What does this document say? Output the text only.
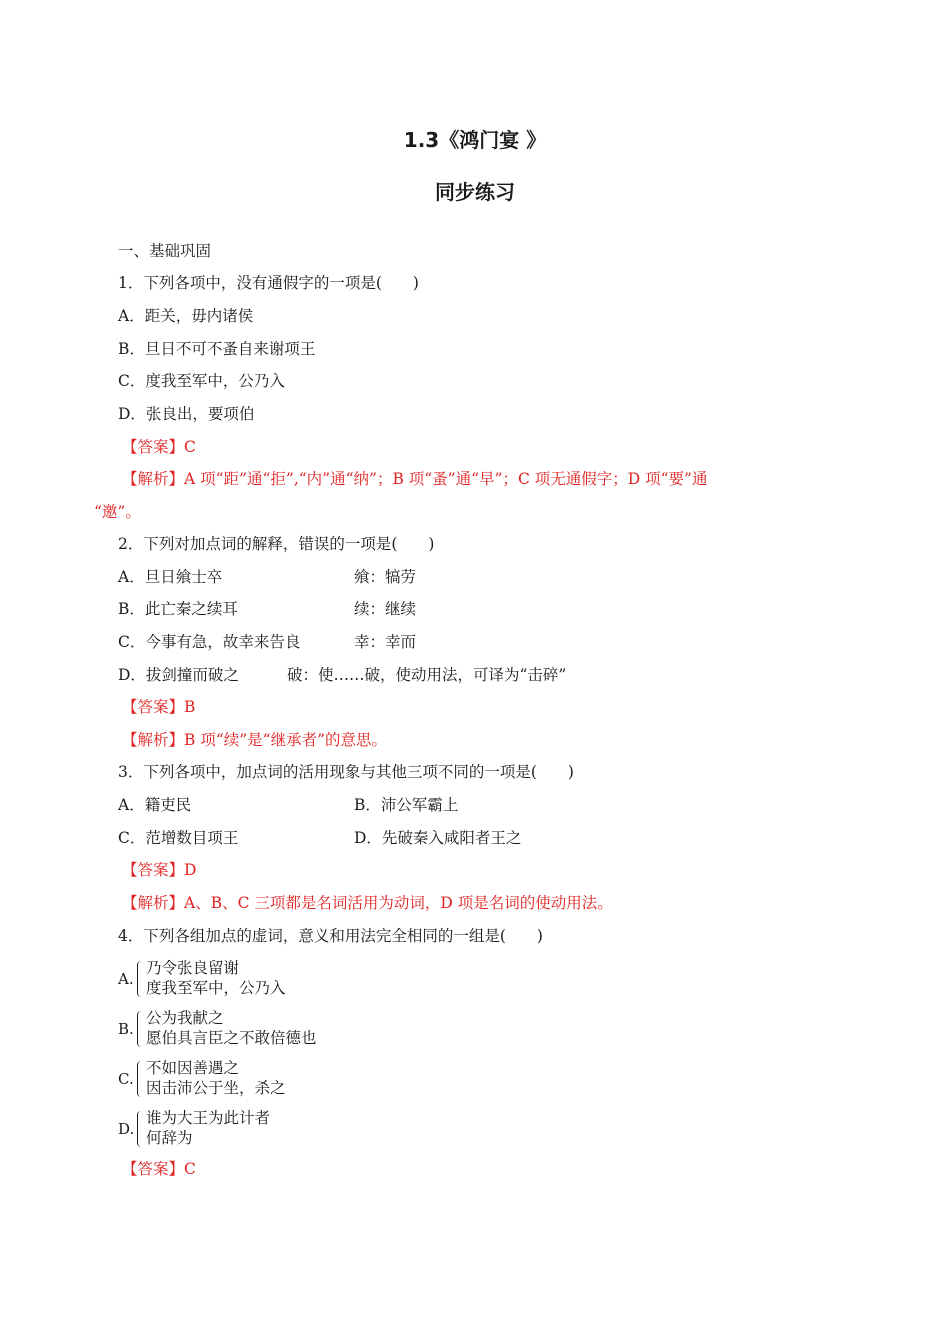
1.3《鸿门宴 》
同步练习
一、基础巩固
1．下列各项中，没有通假字的一项是(　　)
A．距关，毋内诸侯
B．旦日不可不蚤自来谢项王
C．度我至军中，公乃入
D．张良出，要项伯
【答案】C
【解析】A 项“距”通“拒”,“内”通“纳”；B 项“蚤”通“早”；C 项无通假字；D 项“要”通
“邀”。
2．下列对加点词的解释，错误的一项是(　　)
A．旦日飨士卒	飨：犒劳
B．此亡秦之续耳	续：继续
C．今事有急，故幸来告良	幸：幸而
D．拔剑撞而破之	破：使……破，使动用法，可译为“击碎”
【答案】B
【解析】B 项“续”是“继承者”的意思。
3．下列各项中，加点词的活用现象与其他三项不同的一项是(　　)
A．籍吏民	B．沛公军霸上
C．范增数目项王	D．先破秦入咸阳者王之
【答案】D
【解析】A、B、C 三项都是名词活用为动词，D 项是名词的使动用法。
4．下列各组加点的虚词，意义和用法完全相同的一组是(　　)
A.
乃令张良留谢
度我至军中，公乃入
B.
公为我献之
愿伯具言臣之不敢倍德也
C.
不如因善遇之
因击沛公于坐，杀之
D.
谁为大王为此计者
何辞为
【答案】C
